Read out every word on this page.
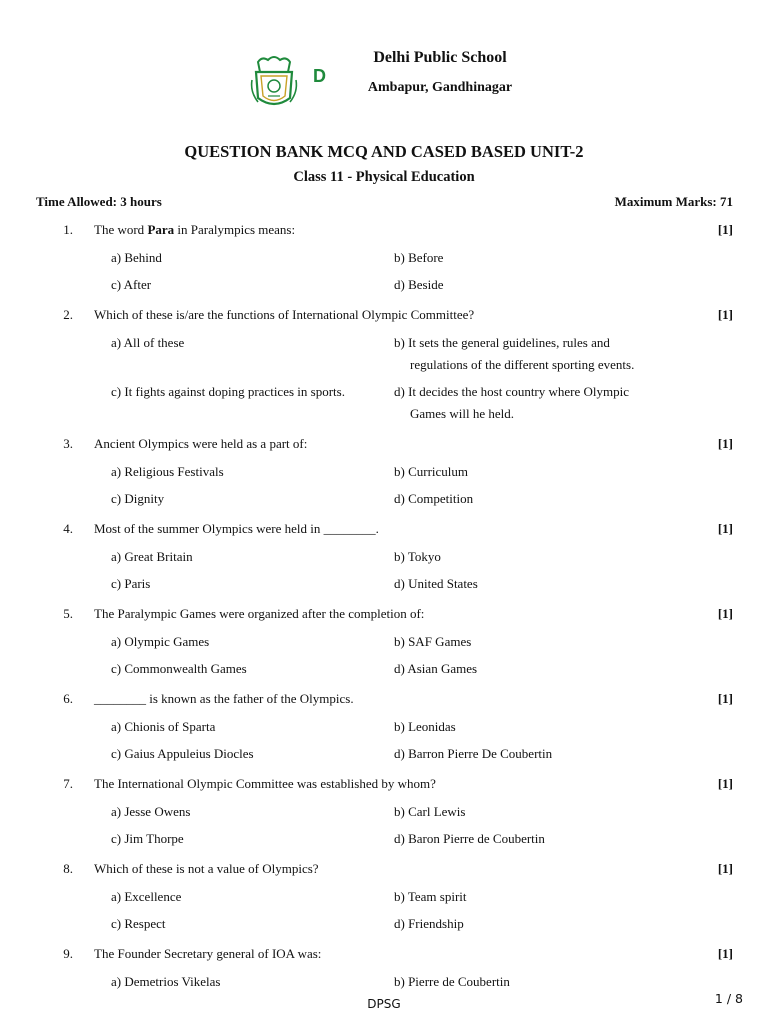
D
Delhi Public School
Ambapur, Gandhinagar
QUESTION BANK MCQ AND CASED BASED UNIT-2
Class 11 - Physical Education
Time Allowed: 3 hours	Maximum Marks: 71
1. The word Para in Paralympics means:	[1]
a) Behind	b) Before
c) After	d) Beside
2. Which of these is/are the functions of International Olympic Committee?	[1]
a) All of these	b) It sets the general guidelines, rules and regulations of the different sporting events.
c) It fights against doping practices in sports.	d) It decides the host country where Olympic Games will he held.
3. Ancient Olympics were held as a part of:	[1]
a) Religious Festivals	b) Curriculum
c) Dignity	d) Competition
4. Most of the summer Olympics were held in ________.	[1]
a) Great Britain	b) Tokyo
c) Paris	d) United States
5. The Paralympic Games were organized after the completion of:	[1]
a) Olympic Games	b) SAF Games
c) Commonwealth Games	d) Asian Games
6. ________ is known as the father of the Olympics.	[1]
a) Chionis of Sparta	b) Leonidas
c) Gaius Appuleius Diocles	d) Barron Pierre De Coubertin
7. The International Olympic Committee was established by whom?	[1]
a) Jesse Owens	b) Carl Lewis
c) Jim Thorpe	d) Baron Pierre de Coubertin
8. Which of these is not a value of Olympics?	[1]
a) Excellence	b) Team spirit
c) Respect	d) Friendship
9. The Founder Secretary general of IOA was:	[1]
a) Demetrios Vikelas	b) Pierre de Coubertin
DPSG	1 / 8
